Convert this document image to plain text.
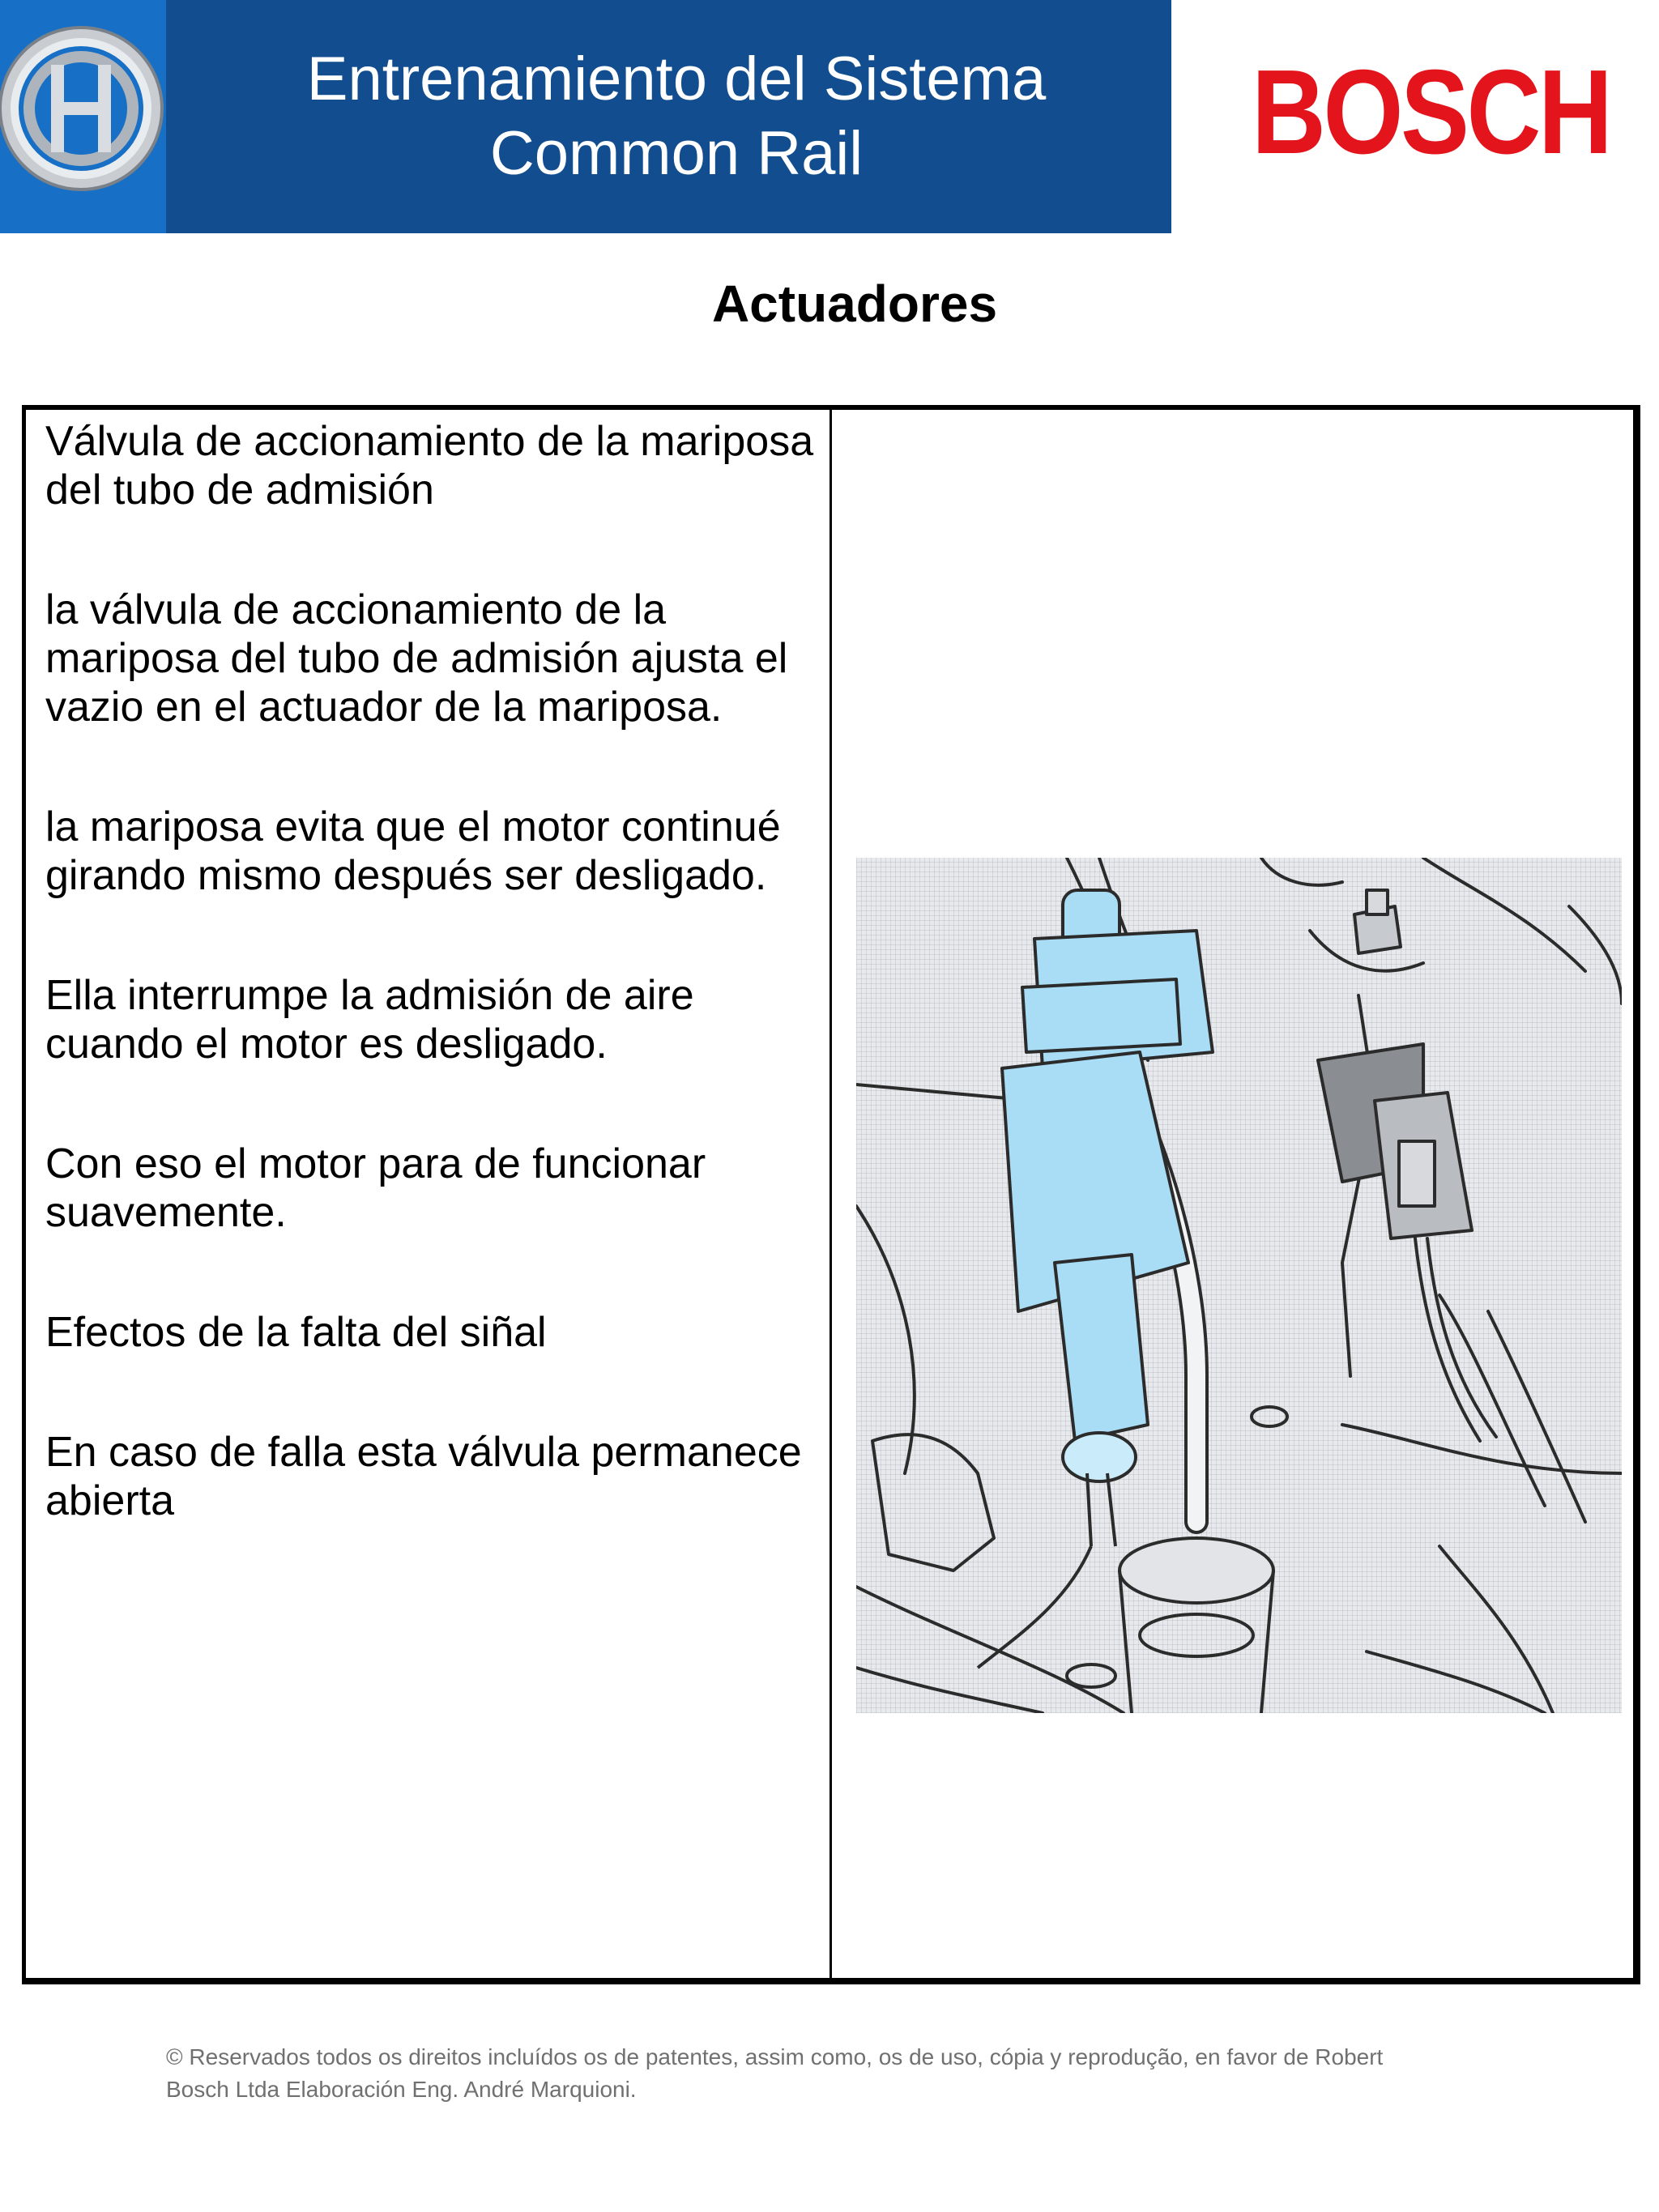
Entrenamiento del Sistema
Common Rail	BOSCH
Actuadores

Válvula de accionamiento de la mariposa del tubo de admisión

la válvula de accionamiento de la mariposa del tubo de admisión ajusta el vazio en el actuador de la mariposa.

la mariposa evita que el motor continué girando mismo después ser desligado.

Ella interrumpe la admisión de aire cuando el motor es desligado.

Con eso el motor para de funcionar suavemente.

Efectos de la falta del siñal

En caso de falla esta válvula permanece abierta

© Reservados todos os direitos incluídos os de patentes, assim como, os de uso, cópia y reprodução, en favor de Robert
Bosch Ltda Elaboración Eng. André Marquioni.
